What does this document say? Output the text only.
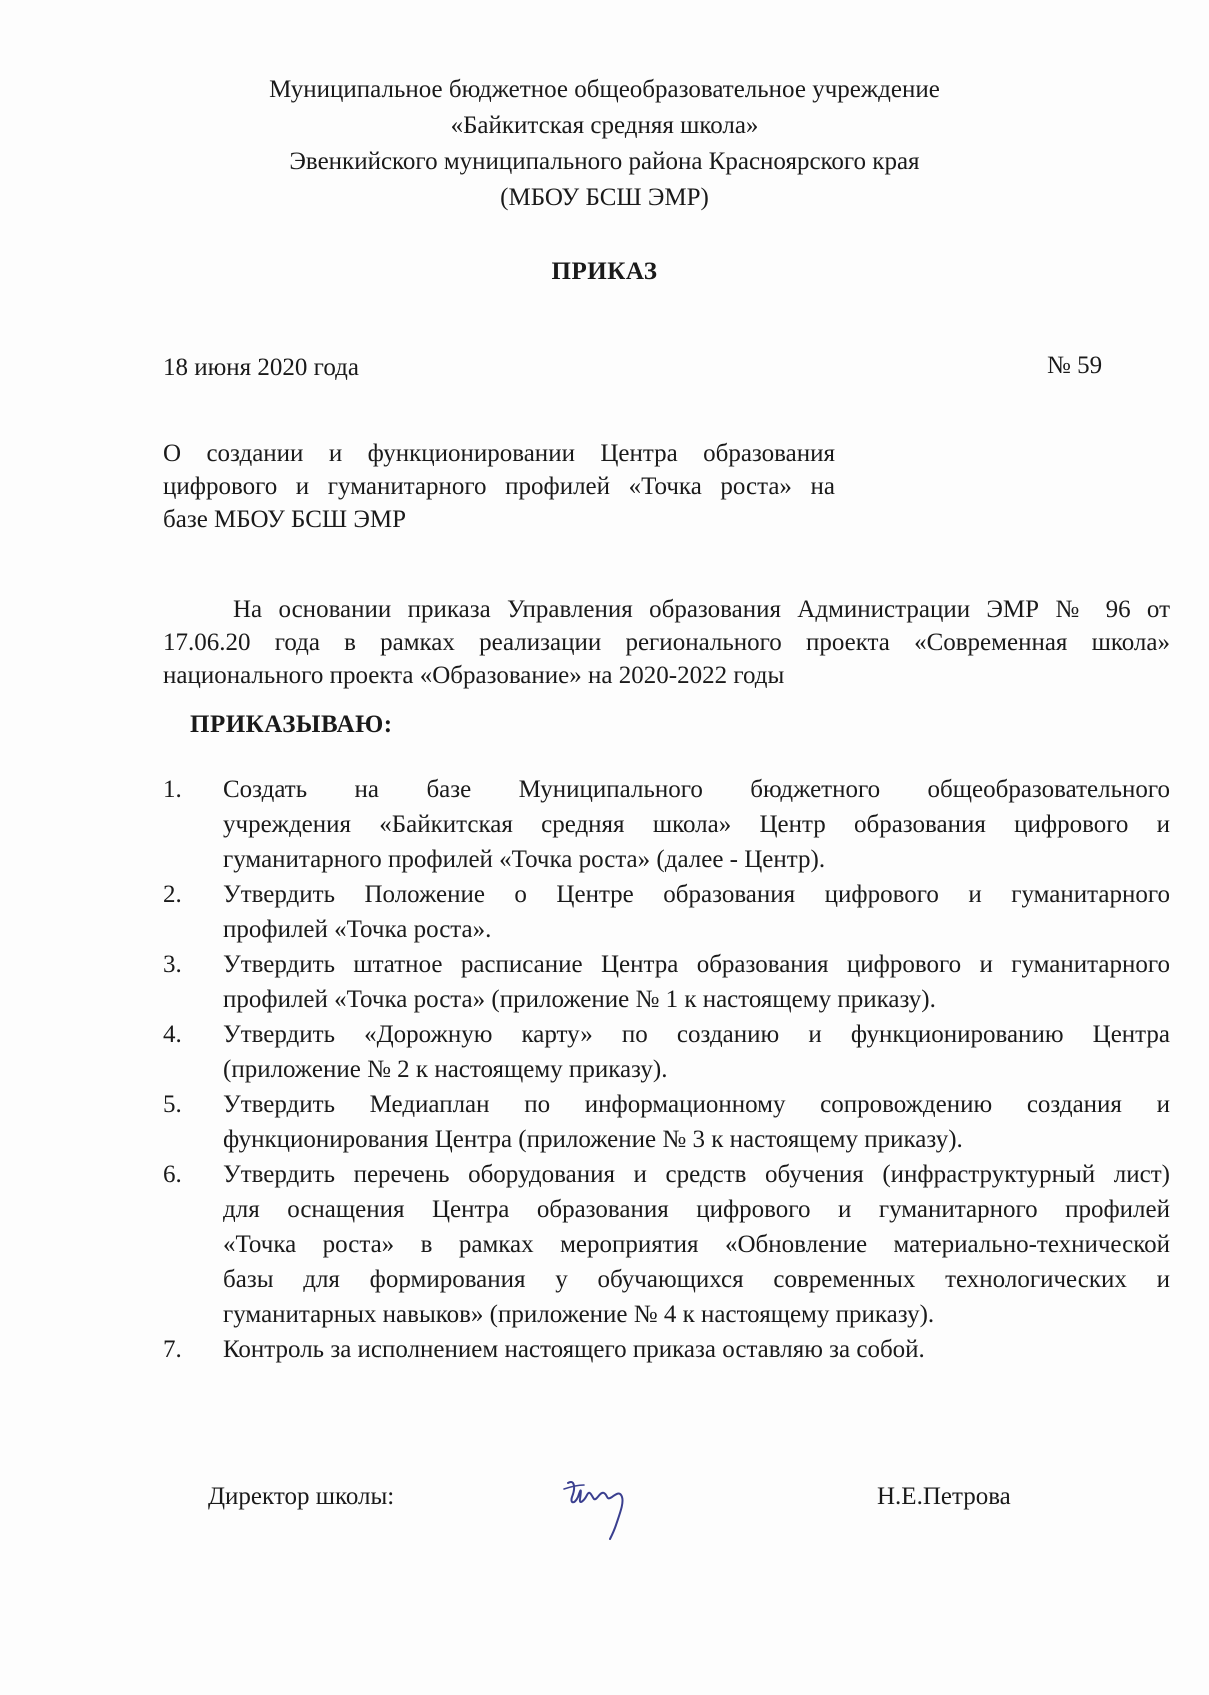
Муниципальное бюджетное общеобразовательное учреждение
«Байкитская средняя школа»
Эвенкийского муниципального района Красноярского края
(МБОУ БСШ ЭМР)
ПРИКАЗ
18 июня 2020 года	№ 59
О создании и функционировании Центра образования
цифрового и гуманитарного профилей «Точка роста» на
базе МБОУ БСШ ЭМР
На основании приказа Управления образования Администрации ЭМР № 96 от
17.06.20 года в рамках реализации регионального проекта «Современная школа»
национального проекта «Образование» на 2020-2022 годы
ПРИКАЗЫВАЮ:
1. Создать на базе Муниципального бюджетного общеобразовательного
учреждения «Байкитская средняя школа» Центр образования цифрового и
гуманитарного профилей «Точка роста» (далее - Центр).
2. Утвердить Положение о Центре образования цифрового и гуманитарного
профилей «Точка роста».
3. Утвердить штатное расписание Центра образования цифрового и гуманитарного
профилей «Точка роста» (приложение № 1 к настоящему приказу).
4. Утвердить «Дорожную карту» по созданию и функционированию Центра
(приложение № 2 к настоящему приказу).
5. Утвердить Медиаплан по информационному сопровождению создания и
функционирования Центра (приложение № 3 к настоящему приказу).
6. Утвердить перечень оборудования и средств обучения (инфраструктурный лист)
для оснащения Центра образования цифрового и гуманитарного профилей
«Точка роста» в рамках мероприятия «Обновление материально-технической
базы для формирования у обучающихся современных технологических и
гуманитарных навыков» (приложение № 4 к настоящему приказу).
7. Контроль за исполнением настоящего приказа оставляю за собой.
Директор школы:	Н.Е.Петрова
